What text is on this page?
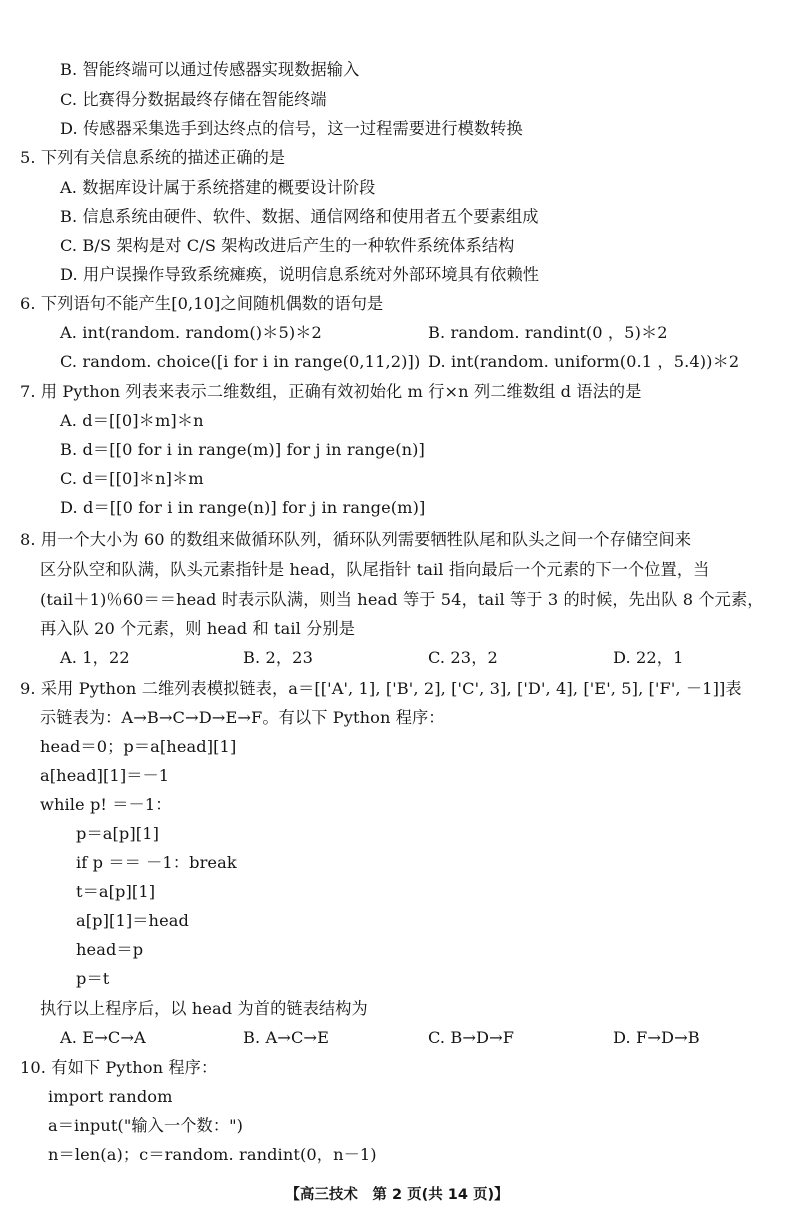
B. 智能终端可以通过传感器实现数据输入
C. 比赛得分数据最终存储在智能终端
D. 传感器采集选手到达终点的信号，这一过程需要进行模数转换
5. 下列有关信息系统的描述正确的是
A. 数据库设计属于系统搭建的概要设计阶段
B. 信息系统由硬件、软件、数据、通信网络和使用者五个要素组成
C. B/S 架构是对 C/S 架构改进后产生的一种软件系统体系结构
D. 用户误操作导致系统瘫痪，说明信息系统对外部环境具有依赖性
6. 下列语句不能产生[0,10]之间随机偶数的语句是
A. int(random. random()＊5)＊2	B. random. randint(0 ，5)＊2
C. random. choice([i for i in range(0,11,2)]) D. int(random. uniform(0.1 ，5.4))＊2
7. 用 Python 列表来表示二维数组，正确有效初始化 m 行×n 列二维数组 d 语法的是
A. d＝[[0]＊m]＊n
B. d＝[[0 for i in range(m)] for j in range(n)]
C. d＝[[0]＊n]＊m
D. d＝[[0 for i in range(n)] for j in range(m)]
8. 用一个大小为 60 的数组来做循环队列，循环队列需要牺牲队尾和队头之间一个存储空间来
区分队空和队满，队头元素指针是 head，队尾指针 tail 指向最后一个元素的下一个位置，当
(tail＋1)％60＝＝head 时表示队满，则当 head 等于 54，tail 等于 3 的时候，先出队 8 个元素，
再入队 20 个元素，则 head 和 tail 分别是
A. 1，22	B. 2，23	C. 23，2	D. 22，1
9. 采用 Python 二维列表模拟链表，a＝[['A', 1], ['B', 2], ['C', 3], ['D', 4], ['E', 5], ['F', －1]]表
示链表为：A→B→C→D→E→F。有以下 Python 程序：
head＝0；p＝a[head][1]
a[head][1]＝－1
while p! ＝－1：
p＝a[p][1]
if p ＝＝ －1：break
t＝a[p][1]
a[p][1]＝head
head＝p
p＝t
执行以上程序后，以 head 为首的链表结构为
A. E→C→A	B. A→C→E	C. B→D→F	D. F→D→B
10. 有如下 Python 程序：
import random
a＝input("输入一个数：")
n＝len(a)；c＝random. randint(0，n－1)
【高三技术　第 2 页(共 14 页)】
